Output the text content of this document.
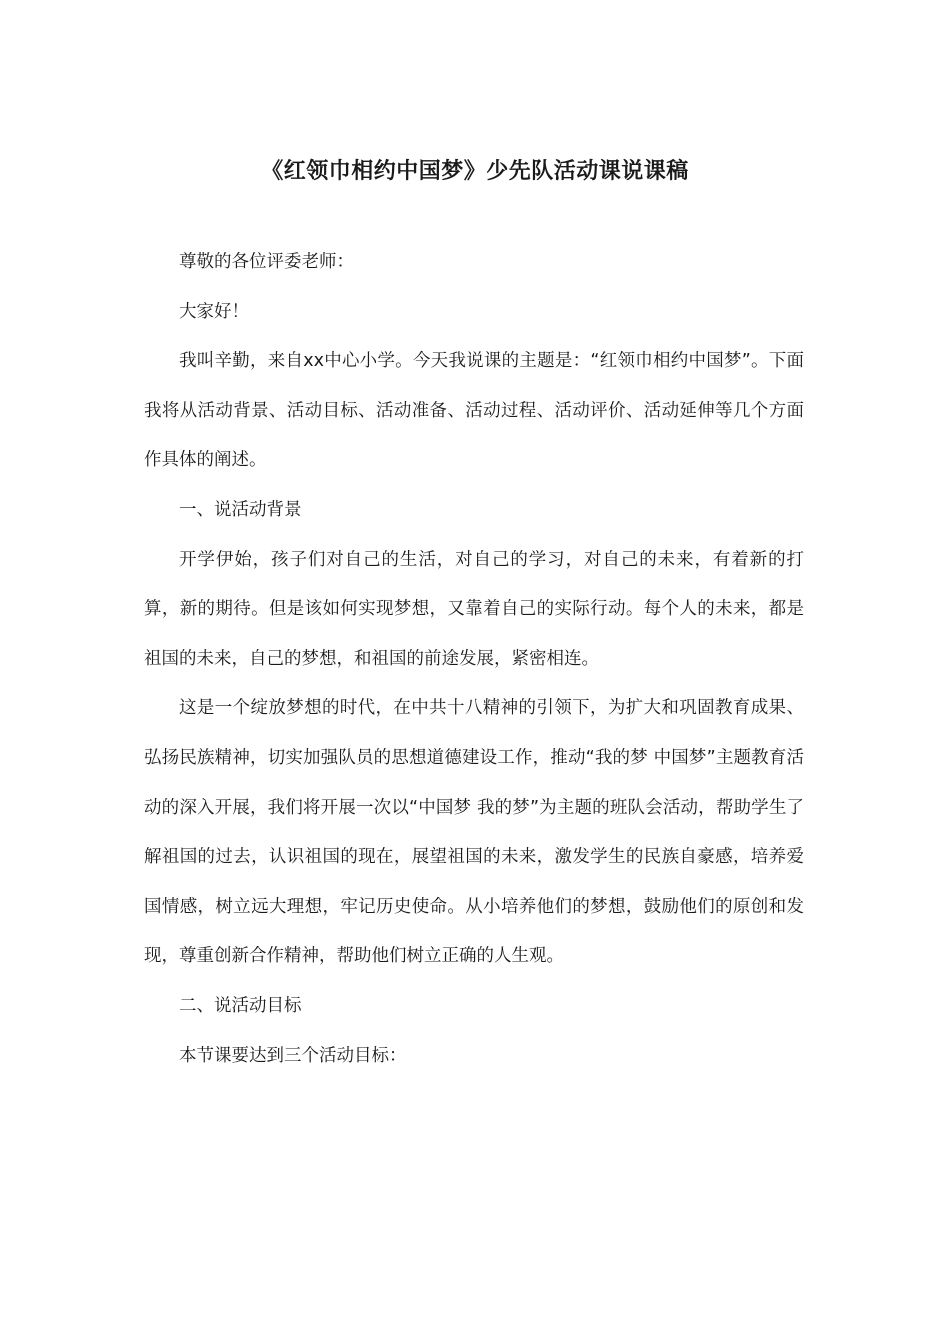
《红领巾相约中国梦》少先队活动课说课稿

尊敬的各位评委老师：

大家好！

我叫辛勤，来自xx中心小学。今天我说课的主题是：“红领巾相约中国梦”。下面我将从活动背景、活动目标、活动准备、活动过程、活动评价、活动延伸等几个方面作具体的阐述。

一、说活动背景

开学伊始，孩子们对自己的生活，对自己的学习，对自己的未来，有着新的打算，新的期待。但是该如何实现梦想，又靠着自己的实际行动。每个人的未来，都是祖国的未来，自己的梦想，和祖国的前途发展，紧密相连。

这是一个绽放梦想的时代，在中共十八精神的引领下，为扩大和巩固教育成果、弘扬民族精神，切实加强队员的思想道德建设工作，推动“我的梦 中国梦”主题教育活动的深入开展，我们将开展一次以“中国梦 我的梦”为主题的班队会活动，帮助学生了解祖国的过去，认识祖国的现在，展望祖国的未来，激发学生的民族自豪感，培养爱国情感，树立远大理想，牢记历史使命。从小培养他们的梦想，鼓励他们的原创和发现，尊重创新合作精神，帮助他们树立正确的人生观。

二、说活动目标

本节课要达到三个活动目标：
